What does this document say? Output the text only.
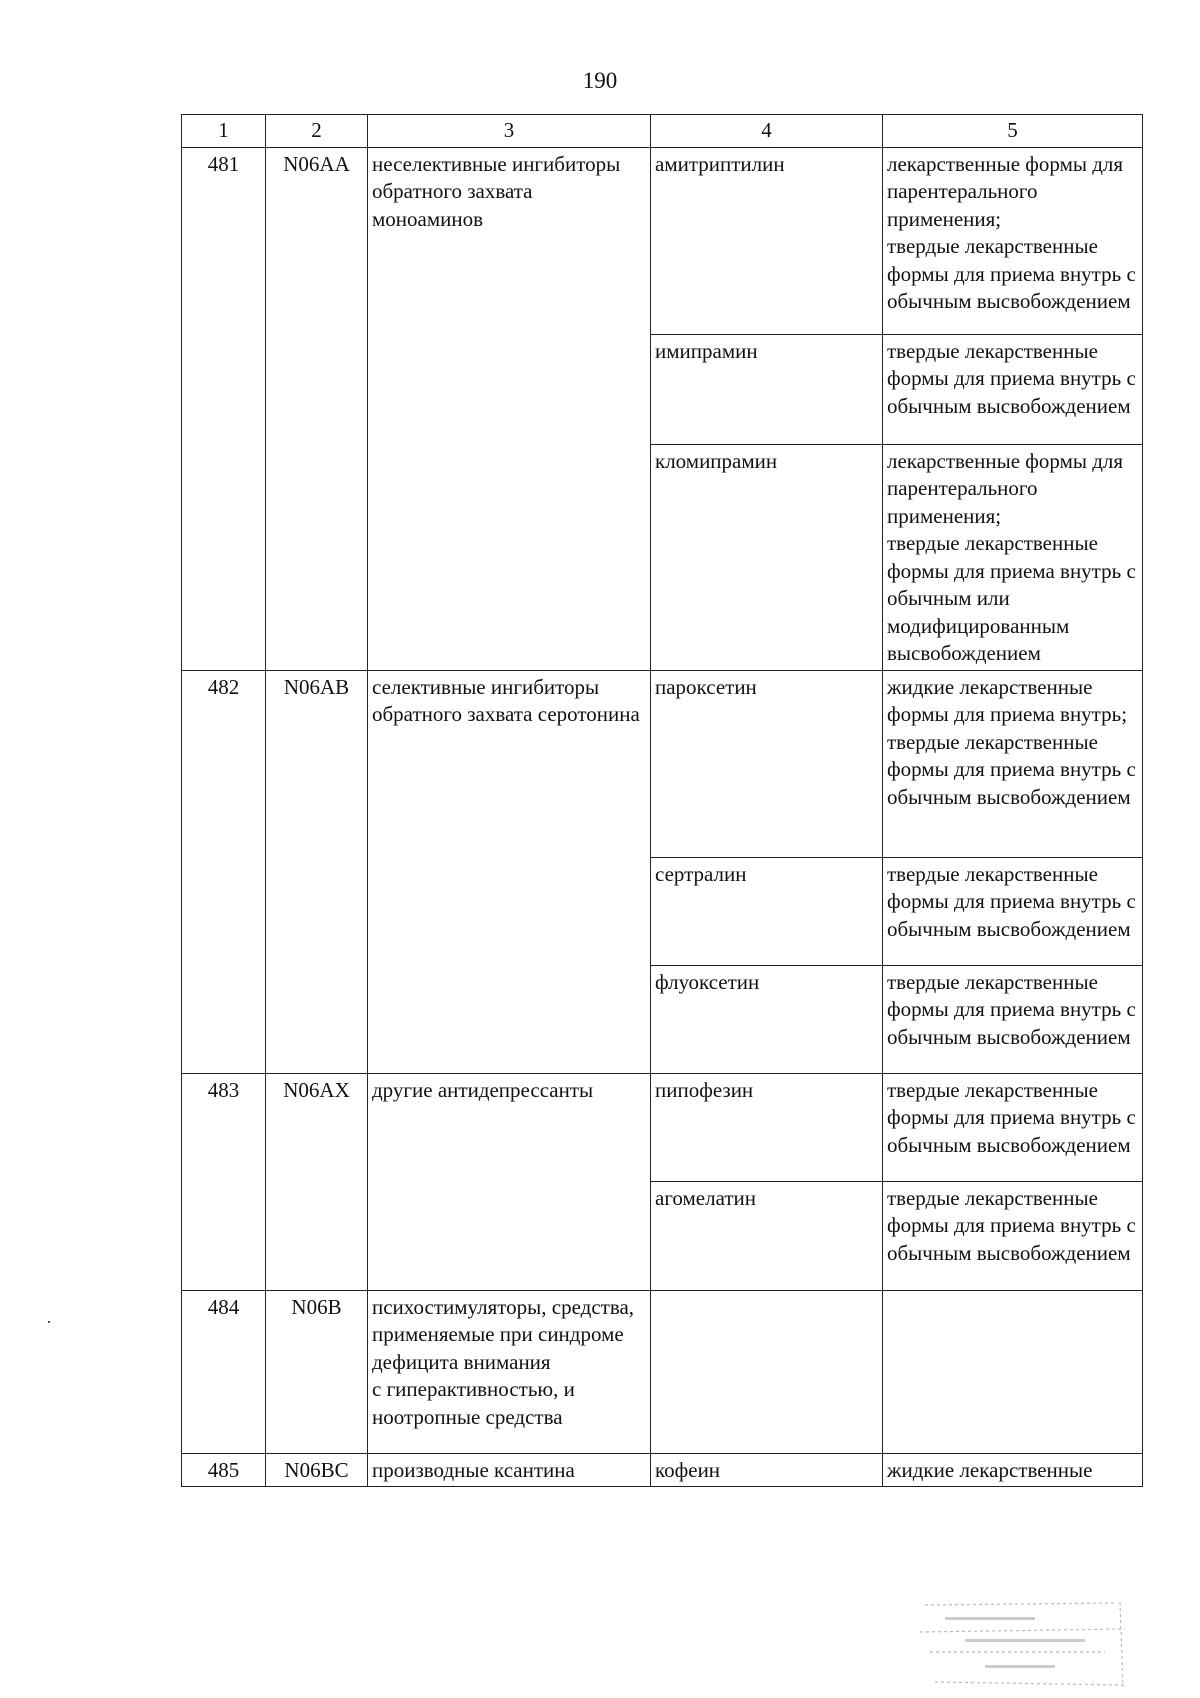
190
1	2	3	4	5
481	N06AA	неселективные ингибиторы обратного захвата моноаминов	амитриптилин	лекарственные формы для парентерального применения;
твердые лекарственные формы для приема внутрь с обычным высвобождением

			имипрамин	твердые лекарственные формы для приема внутрь с обычным высвобождением

			кломипрамин	лекарственные формы для парентерального применения;
твердые лекарственные формы для приема внутрь с обычным или модифицированным высвобождением

482	N06AB	селективные ингибиторы обратного захвата серотонина	пароксетин	жидкие лекарственные формы для приема внутрь;
твердые лекарственные формы для приема внутрь с обычным высвобождением

			сертралин	твердые лекарственные формы для приема внутрь с обычным высвобождением

			флуоксетин	твердые лекарственные формы для приема внутрь с обычным высвобождением

483	N06AX	другие антидепрессанты	пипофезин	твердые лекарственные формы для приема внутрь с обычным высвобождением

			агомелатин	твердые лекарственные формы для приема внутрь с обычным высвобождением

484	N06B	психостимуляторы, средства, применяемые при синдроме дефицита внимания
с гиперактивностью, и ноотропные средства		

485	N06BC	производные ксантина	кофеин	жидкие лекарственные
